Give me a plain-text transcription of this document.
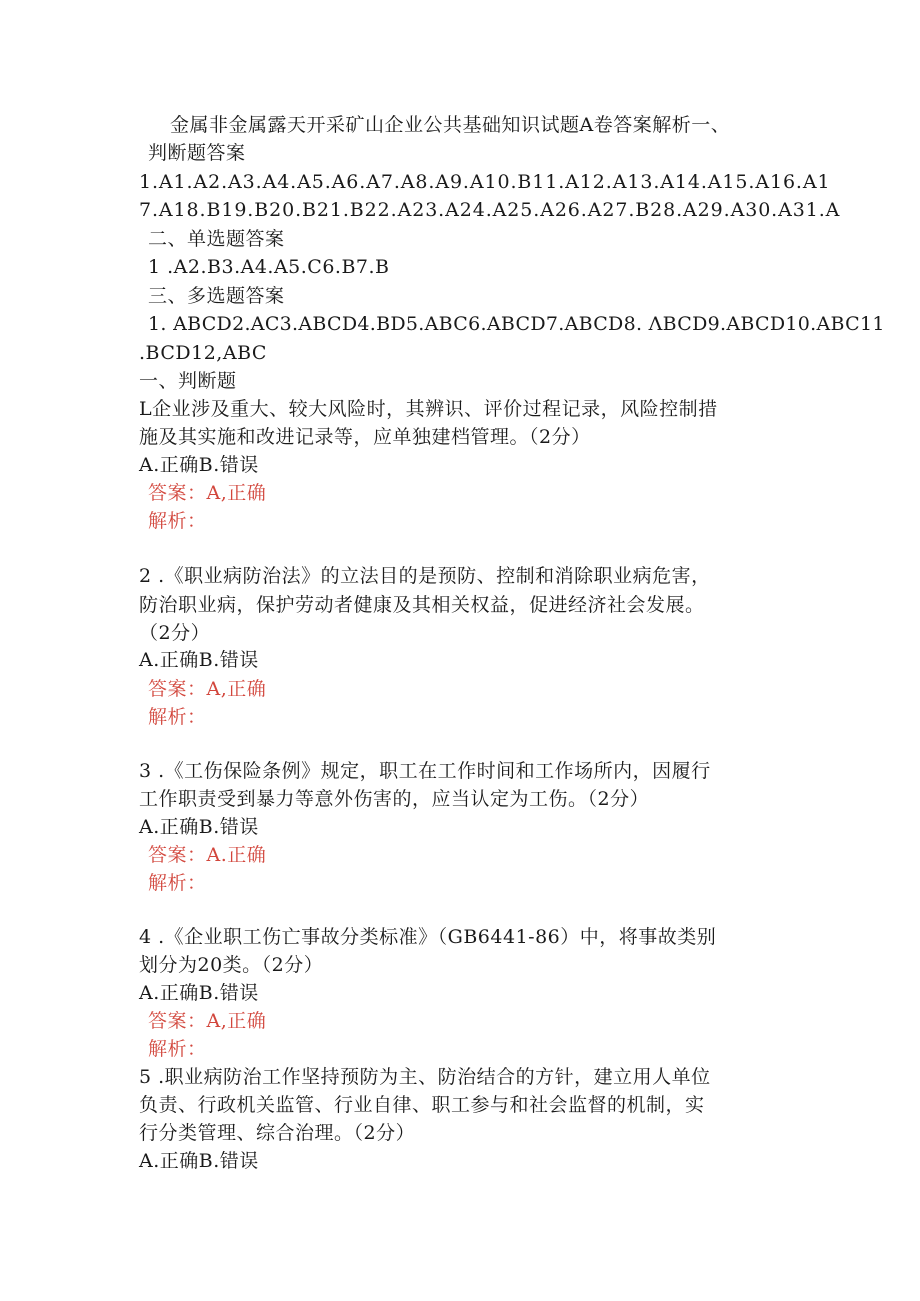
金属非金属露天开采矿山企业公共基础知识试题A卷答案解析一、

判断题答案

1.A1.A2.A3.A4.A5.A6.A7.A8.A9.A10.B11.A12.A13.A14.A15.A16.A1

7.A18.B19.B20.B21.B22.A23.A24.A25.A26.A27.B28.A29.A30.A31.A

二、单选题答案

1 .A2.B3.A4.A5.C6.B7.B

三、多选题答案

1. ABCD2.AC3.ABCD4.BD5.ABC6.ABCD7.ABCD8. ΛBCD9.ABCD10.ABC11

.BCD12,ABC

一、判断题

L企业涉及重大、较大风险时，其辨识、评价过程记录，风险控制措

施及其实施和改进记录等，应单独建档管理。（2分）

A.正确B.错误

答案：A,正确

解析：

2 .《职业病防治法》的立法目的是预防、控制和消除职业病危害，

防治职业病，保护劳动者健康及其相关权益，促进经济社会发展。

（2分）

A.正确B.错误

答案：A,正确

解析：

3 .《工伤保险条例》规定，职工在工作时间和工作场所内，因履行

工作职责受到暴力等意外伤害的，应当认定为工伤。（2分）

A.正确B.错误

答案：A.正确

解析：

4 .《企业职工伤亡事故分类标准》（GB6441-86）中，将事故类别

划分为20类。（2分）

A.正确B.错误

答案：A,正确

解析：

5 .职业病防治工作坚持预防为主、防治结合的方针，建立用人单位

负责、行政机关监管、行业自律、职工参与和社会监督的机制，实

行分类管理、综合治理。（2分）

A.正确B.错误
